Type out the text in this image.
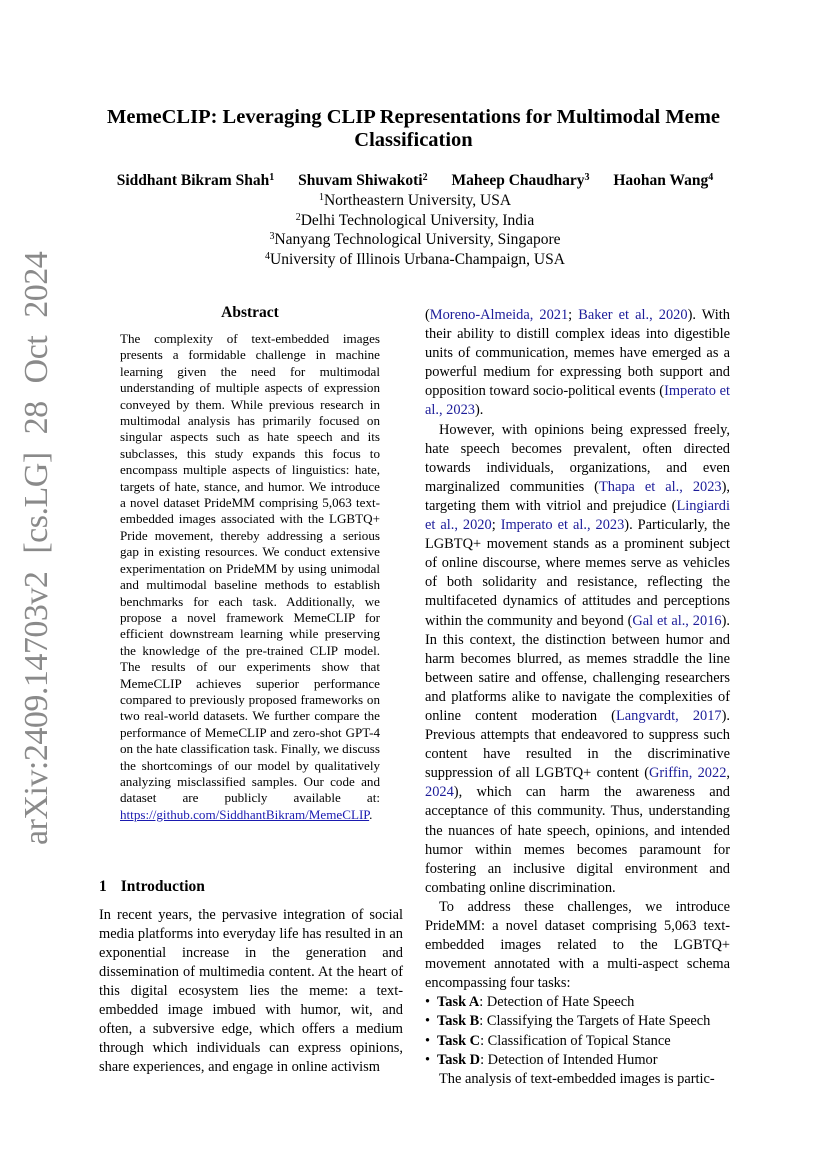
arXiv:2409.14703v2 [cs.LG] 28 Oct 2024
MemeCLIP: Leveraging CLIP Representations for Multimodal Meme Classification
Siddhant Bikram Shah$^1$ Shuvam Shiwakoti$^2$ Maheep Chaudhary$^3$ Haohan Wang$^4$
$^1$Northeastern University, USA
$^2$Delhi Technological University, India
$^3$Nanyang Technological University, Singapore
$^4$University of Illinois Urbana-Champaign, USA
Abstract
The complexity of text-embedded images presents a formidable challenge in machine learning given the need for multimodal understanding of multiple aspects of expression conveyed by them. While previous research in multimodal analysis has primarily focused on singular aspects such as hate speech and its subclasses, this study expands this focus to encompass multiple aspects of linguistics: hate, targets of hate, stance, and humor. We introduce a novel dataset PrideMM comprising 5,063 text-embedded images associated with the LGBTQ+ Pride movement, thereby addressing a serious gap in existing resources. We conduct extensive experimentation on PrideMM by using unimodal and multimodal baseline methods to establish benchmarks for each task. Additionally, we propose a novel framework MemeCLIP for efficient downstream learning while preserving the knowledge of the pre-trained CLIP model. The results of our experiments show that MemeCLIP achieves superior performance compared to previously proposed frameworks on two real-world datasets. We further compare the performance of MemeCLIP and zero-shot GPT-4 on the hate classification task. Finally, we discuss the shortcomings of our model by qualitatively analyzing misclassified samples. Our code and dataset are publicly available at: https://github.com/SiddhantBikram/MemeCLIP.
1 Introduction
In recent years, the pervasive integration of social media platforms into everyday life has resulted in an exponential increase in the generation and dissemination of multimedia content. At the heart of this digital ecosystem lies the meme: a text-embedded image imbued with humor, wit, and often, a subversive edge, which offers a medium through which individuals can express opinions, share experiences, and engage in online activism

(Moreno-Almeida, 2021; Baker et al., 2020). With their ability to distill complex ideas into digestible units of communication, memes have emerged as a powerful medium for expressing both support and opposition toward socio-political events (Imperato et al., 2023).

However, with opinions being expressed freely, hate speech becomes prevalent, often directed towards individuals, organizations, and even marginalized communities (Thapa et al., 2023), targeting them with vitriol and prejudice (Lingiardi et al., 2020; Imperato et al., 2023). Particularly, the LGBTQ+ movement stands as a prominent subject of online discourse, where memes serve as vehicles of both solidarity and resistance, reflecting the multifaceted dynamics of attitudes and perceptions within the community and beyond (Gal et al., 2016). In this context, the distinction between humor and harm becomes blurred, as memes straddle the line between satire and offense, challenging researchers and platforms alike to navigate the complexities of online content moderation (Langvardt, 2017). Previous attempts that endeavored to suppress such content have resulted in the discriminative suppression of all LGBTQ+ content (Griffin, 2022, 2024), which can harm the awareness and acceptance of this community. Thus, understanding the nuances of hate speech, opinions, and intended humor within memes becomes paramount for fostering an inclusive digital environment and combating online discrimination.

To address these challenges, we introduce PrideMM: a novel dataset comprising 5,063 text-embedded images related to the LGBTQ+ movement annotated with a multi-aspect schema encompassing four tasks:

• Task A: Detection of Hate Speech
• Task B: Classifying the Targets of Hate Speech
• Task C: Classification of Topical Stance
• Task D: Detection of Intended Humor

The analysis of text-embedded images is partic-
